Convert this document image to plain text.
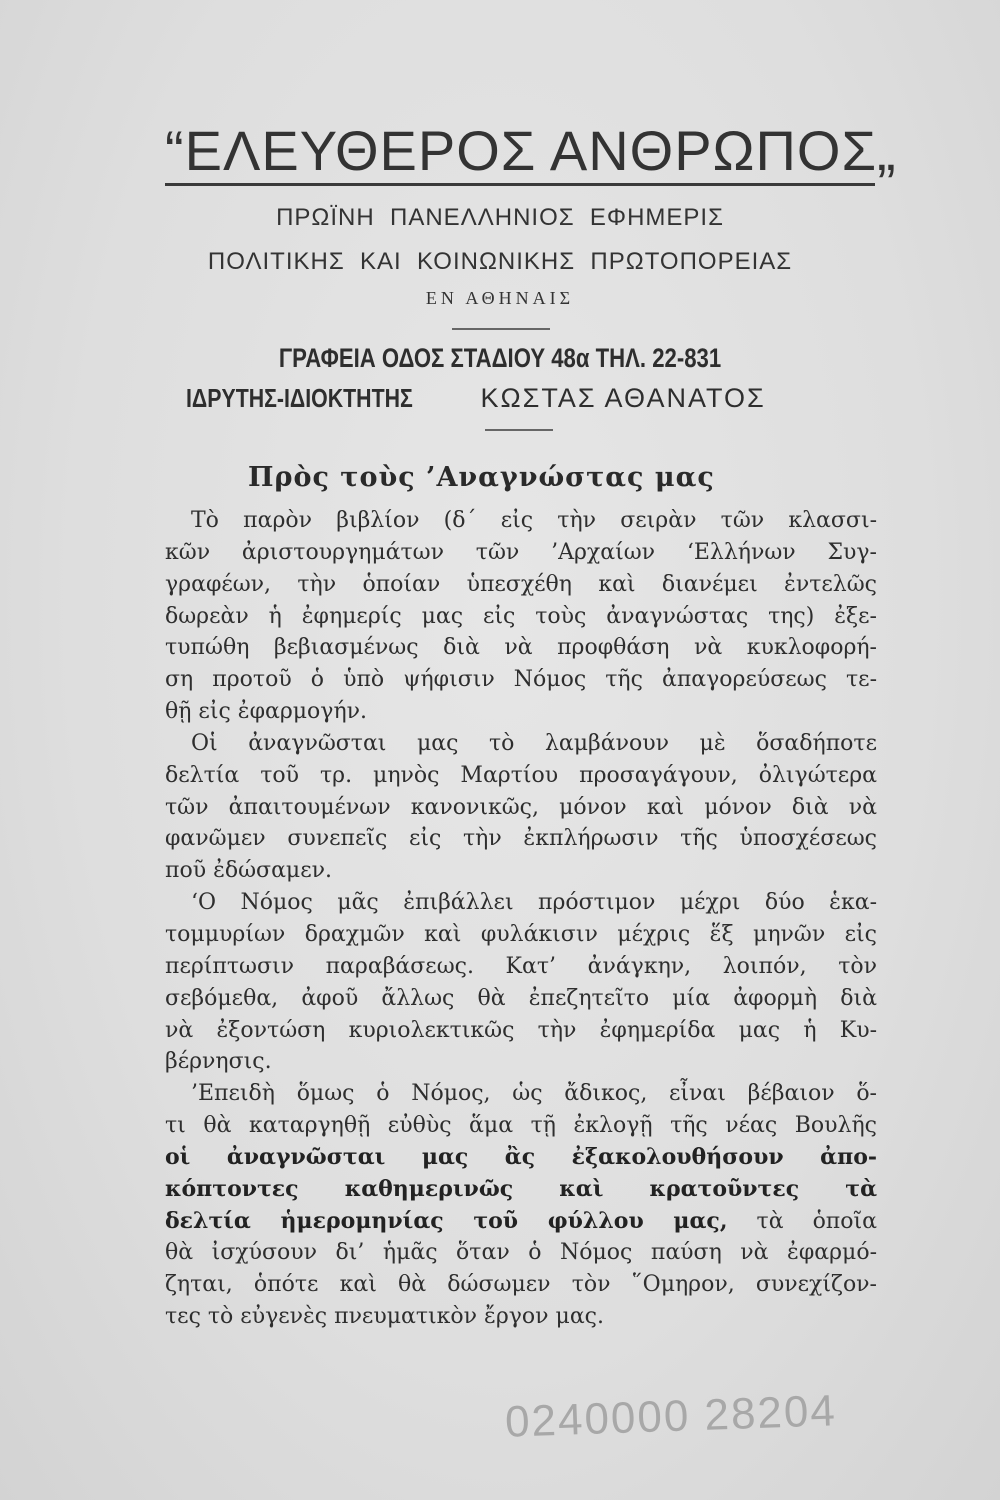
“ΕΛΕΥΘΕΡΟΣ ΑΝΘΡΩΠΟΣ„
ΠΡΩΪΝΗ  ΠΑΝΕΛΛΗΝΙΟΣ  ΕΦΗΜΕΡΙΣ
ΠΟΛΙΤΙΚΗΣ  ΚΑΙ  ΚΟΙΝΩΝΙΚΗΣ  ΠΡΩΤΟΠΟΡΕΙΑΣ
ΕΝ ΑΘΗΝΑΙΣ
ΓΡΑΦΕΙΑ ΟΔΟΣ ΣΤΑΔΙΟΥ 48α ΤΗΛ. 22-831
ΙΔΡΥΤΗΣ-ΙΔΙΟΚΤΗΤΗΣ	ΚΩΣΤΑΣ ΑΘΑΝΑΤΟΣ
Πρὸς τοὺς ’Αναγνώστας μας
Τὸ παρὸν βιβλίον (δ΄ εἰς τὴν σειρὰν τῶν κλασσι-
κῶν ἀριστουργημάτων τῶν ’Αρχαίων ‘Ελλήνων Συγ-
γραφέων, τὴν ὁποίαν ὑπεσχέθη καὶ διανέμει ἐντελῶς
δωρεὰν ἡ ἐφημερίς μας εἰς τοὺς ἀναγνώστας της) ἐξε-
τυπώθη βεβιασμένως διὰ νὰ προφθάση νὰ κυκλοφορή-
ση προτοῦ ὁ ὑπὸ ψήφισιν Νόμος τῆς ἀπαγορεύσεως τε-
θῇ εἰς ἐφαρμογήν.
Οἱ ἀναγνῶσται μας τὸ λαμβάνουν μὲ ὅσαδήποτε
δελτία τοῦ τρ. μηνὸς Μαρτίου προσαγάγουν, ὀλιγώτερα
τῶν ἀπαιτουμένων κανονικῶς, μόνον καὶ μόνον διὰ νὰ
φανῶμεν συνεπεῖς εἰς τὴν ἐκπλήρωσιν τῆς ὑποσχέσεως
ποῦ ἐδώσαμεν.
‘Ο Νόμος μᾶς ἐπιβάλλει πρόστιμον μέχρι δύο ἑκα-
τομμυρίων δραχμῶν καὶ φυλάκισιν μέχρις ἕξ μηνῶν εἰς
περίπτωσιν παραβάσεως. Κατ’ ἀνάγκην, λοιπόν, τὸν
σεβόμεθα, ἀφοῦ ἄλλως θὰ ἐπεζητεῖτο μία ἀφορμὴ διὰ
νὰ ἐξοντώση κυριολεκτικῶς τὴν ἐφημερίδα μας ἡ Κυ-
βέρνησις.
’Επειδὴ ὅμως ὁ Νόμος, ὡς ἄδικος, εἶναι βέβαιον ὅ-
τι θὰ καταργηθῇ εὐθὺς ἅμα τῇ ἐκλογῇ τῆς νέας Βουλῆς
οἱ ἀναγνῶσται μας ἂς ἐξακολουθήσουν ἀπο-
κόπτοντες καθημερινῶς καὶ κρατοῦντες τὰ
δελτία ἡμερομηνίας τοῦ φύλλου μας, τὰ ὁποῖα
θὰ ἰσχύσουν δι’ ἡμᾶς ὅταν ὁ Νόμος παύση νὰ ἐφαρμό-
ζηται, ὁπότε καὶ θὰ δώσωμεν τὸν ῞Ομηρον, συνεχίζον-
τες τὸ εὐγενὲς πνευματικὸν ἔργον μας.
0240000 28204
